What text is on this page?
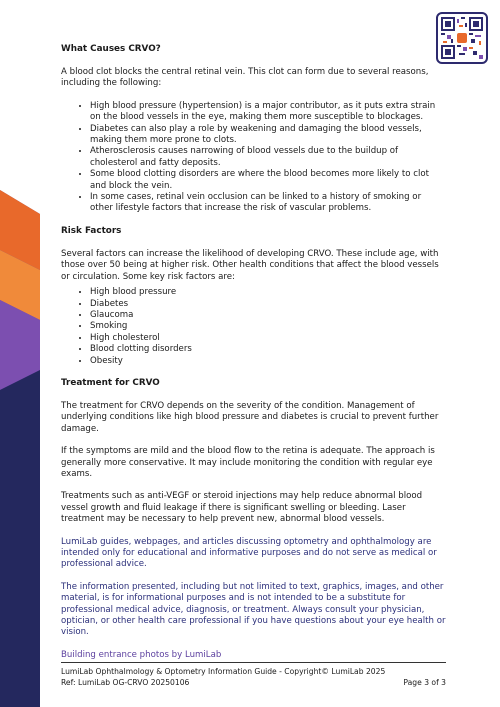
What Causes CRVO?

A blood clot blocks the central retinal vein. This clot can form due to several reasons, including the following:

• High blood pressure (hypertension) is a major contributor, as it puts extra strain on the blood vessels in the eye, making them more susceptible to blockages.
• Diabetes can also play a role by weakening and damaging the blood vessels, making them more prone to clots.
• Atherosclerosis causes narrowing of blood vessels due to the buildup of cholesterol and fatty deposits.
• Some blood clotting disorders are where the blood becomes more likely to clot and block the vein.
• In some cases, retinal vein occlusion can be linked to a history of smoking or other lifestyle factors that increase the risk of vascular problems.
Risk Factors

Several factors can increase the likelihood of developing CRVO. These include age, with those over 50 being at higher risk. Other health conditions that affect the blood vessels or circulation. Some key risk factors are:

• High blood pressure
• Diabetes
• Glaucoma
• Smoking
• High cholesterol
• Blood clotting disorders
• Obesity
Treatment for CRVO

The treatment for CRVO depends on the severity of the condition. Management of underlying conditions like high blood pressure and diabetes is crucial to prevent further damage.

If the symptoms are mild and the blood flow to the retina is adequate. The approach is generally more conservative. It may include monitoring the condition with regular eye exams.

Treatments such as anti-VEGF or steroid injections may help reduce abnormal blood vessel growth and fluid leakage if there is significant swelling or bleeding. Laser treatment may be necessary to help prevent new, abnormal blood vessels.

LumiLab guides, webpages, and articles discussing optometry and ophthalmology are intended only for educational and informative purposes and do not serve as medical or professional advice.

The information presented, including but not limited to text, graphics, images, and other material, is for informational purposes and is not intended to be a substitute for professional medical advice, diagnosis, or treatment. Always consult your physician, optician, or other health care professional if you have questions about your eye health or vision.

Building entrance photos by LumiLab

LumiLab Ophthalmology & Optometry Information Guide - Copyright© LumiLab 2025
Ref: LumiLab OG-CRVO 20250106	Page 3 of 3
